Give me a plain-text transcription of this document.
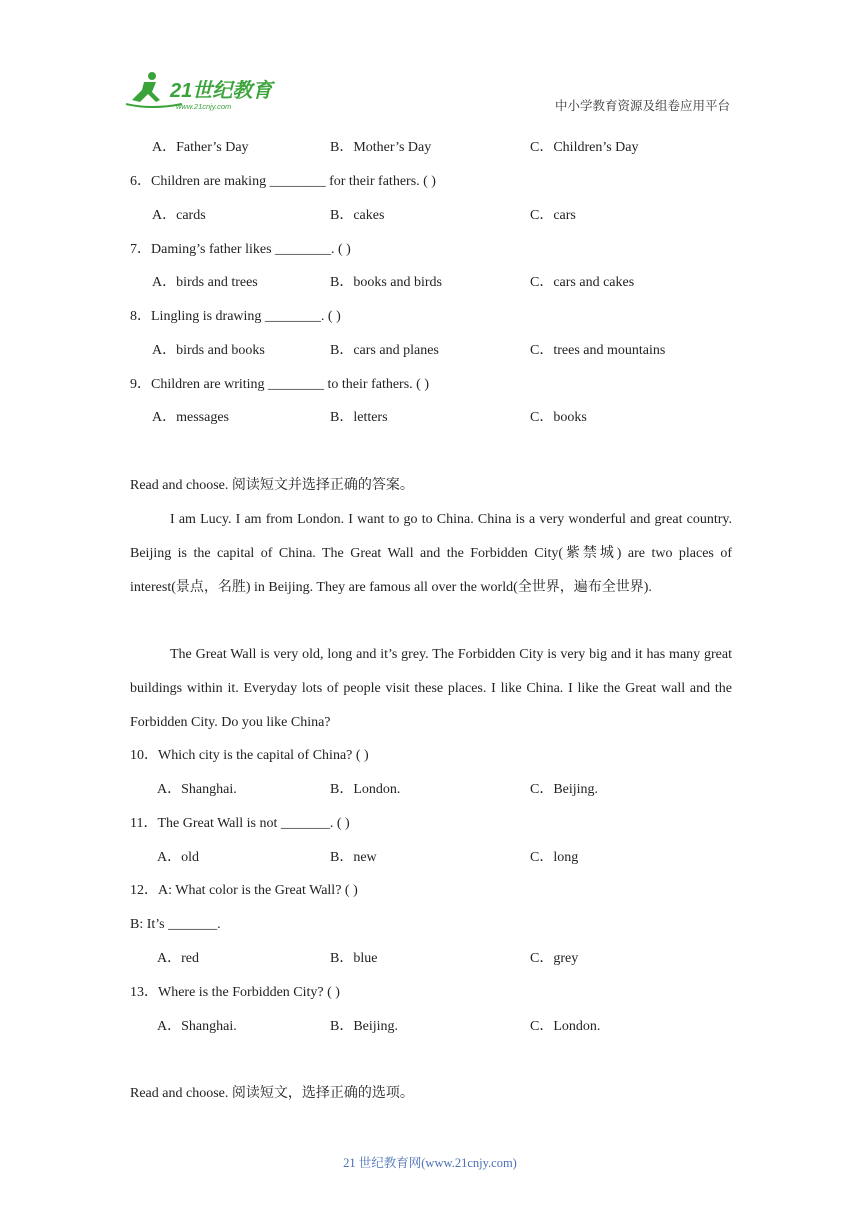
21世纪教育
www.21cnjy.com	中小学教育资源及组卷应用平台
A．Father’s Day	B．Mother’s Day	C．Children’s Day
6．Children are making ________ for their fathers. ( )
A．cards	B．cakes	C．cars
7．Daming’s father likes ________. ( )
A．birds and trees	B．books and birds	C．cars and cakes
8．Lingling is drawing ________. ( )
A．birds and books	B．cars and planes	C．trees and mountains
9．Children are writing ________ to their fathers. ( )
A．messages	B．letters	C．books
Read and choose. 阅读短文并选择正确的答案。
I am Lucy. I am from London. I want to go to China. China is a very wonderful and great country. Beijing is the capital of China. The Great Wall and the Forbidden City(紫禁城) are two places of interest(景点，名胜) in Beijing. They are famous all over the world(全世界，遍布全世界).
The Great Wall is very old, long and it’s grey. The Forbidden City is very big and it has many great buildings within it. Everyday lots of people visit these places. I like China. I like the Great wall and the Forbidden City. Do you like China?
10．Which city is the capital of China? ( )
A．Shanghai.	B．London.	C．Beijing.
11．The Great Wall is not _______. ( )
A．old	B．new	C．long
12．A: What color is the Great Wall? ( )
B: It’s _______.
A．red	B．blue	C．grey
13．Where is the Forbidden City? ( )
A．Shanghai.	B．Beijing.	C．London.
Read and choose. 阅读短文，选择正确的选项。
21 世纪教育网(www.21cnjy.com)
